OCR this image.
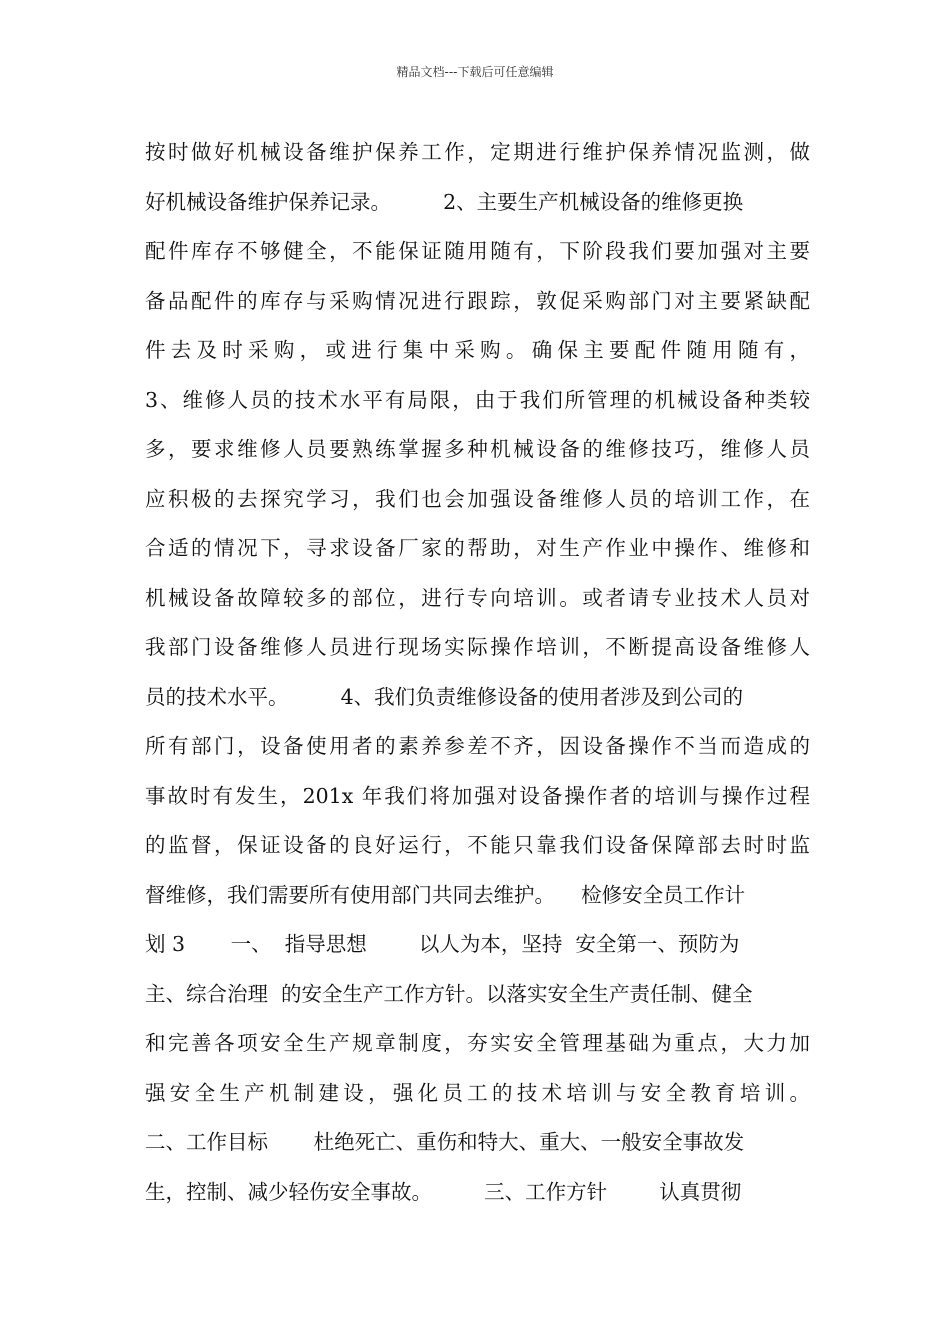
精品文档---下载后可任意编辑
按时做好机械设备维护保养工作，定期进行维护保养情况监测，做
好机械设备维护保养记录。        2、主要生产机械设备的维修更换
配件库存不够健全，不能保证随用随有，下阶段我们要加强对主要
备品配件的库存与采购情况进行跟踪，敦促采购部门对主要紧缺配
件去及时采购，或进行集中采购。确保主要配件随用随有，
3、维修人员的技术水平有局限，由于我们所管理的机械设备种类较
多，要求维修人员要熟练掌握多种机械设备的维修技巧，维修人员
应积极的去探究学习，我们也会加强设备维修人员的培训工作，在
合适的情况下，寻求设备厂家的帮助，对生产作业中操作、维修和
机械设备故障较多的部位，进行专向培训。或者请专业技术人员对
我部门设备维修人员进行现场实际操作培训，不断提高设备维修人
员的技术水平。        4、我们负责维修设备的使用者涉及到公司的
所有部门，设备使用者的素养参差不齐，因设备操作不当而造成的
事故时有发生，201x 年我们将加强对设备操作者的培训与操作过程
的监督，保证设备的良好运行，不能只靠我们设备保障部去时时监
督维修，我们需要所有使用部门共同去维护。    检修安全员工作计
划 3       一、  指导思想        以人为本，坚持  安全第一、预防为
主、综合治理  的安全生产工作方针。以落实安全生产责任制、健全
和完善各项安全生产规章制度，夯实安全管理基础为重点，大力加
强安全生产机制建设，强化员工的技术培训与安全教育培训。
二、工作目标       杜绝死亡、重伤和特大、重大、一般安全事故发
生，控制、减少轻伤安全事故。        三、工作方针        认真贯彻
